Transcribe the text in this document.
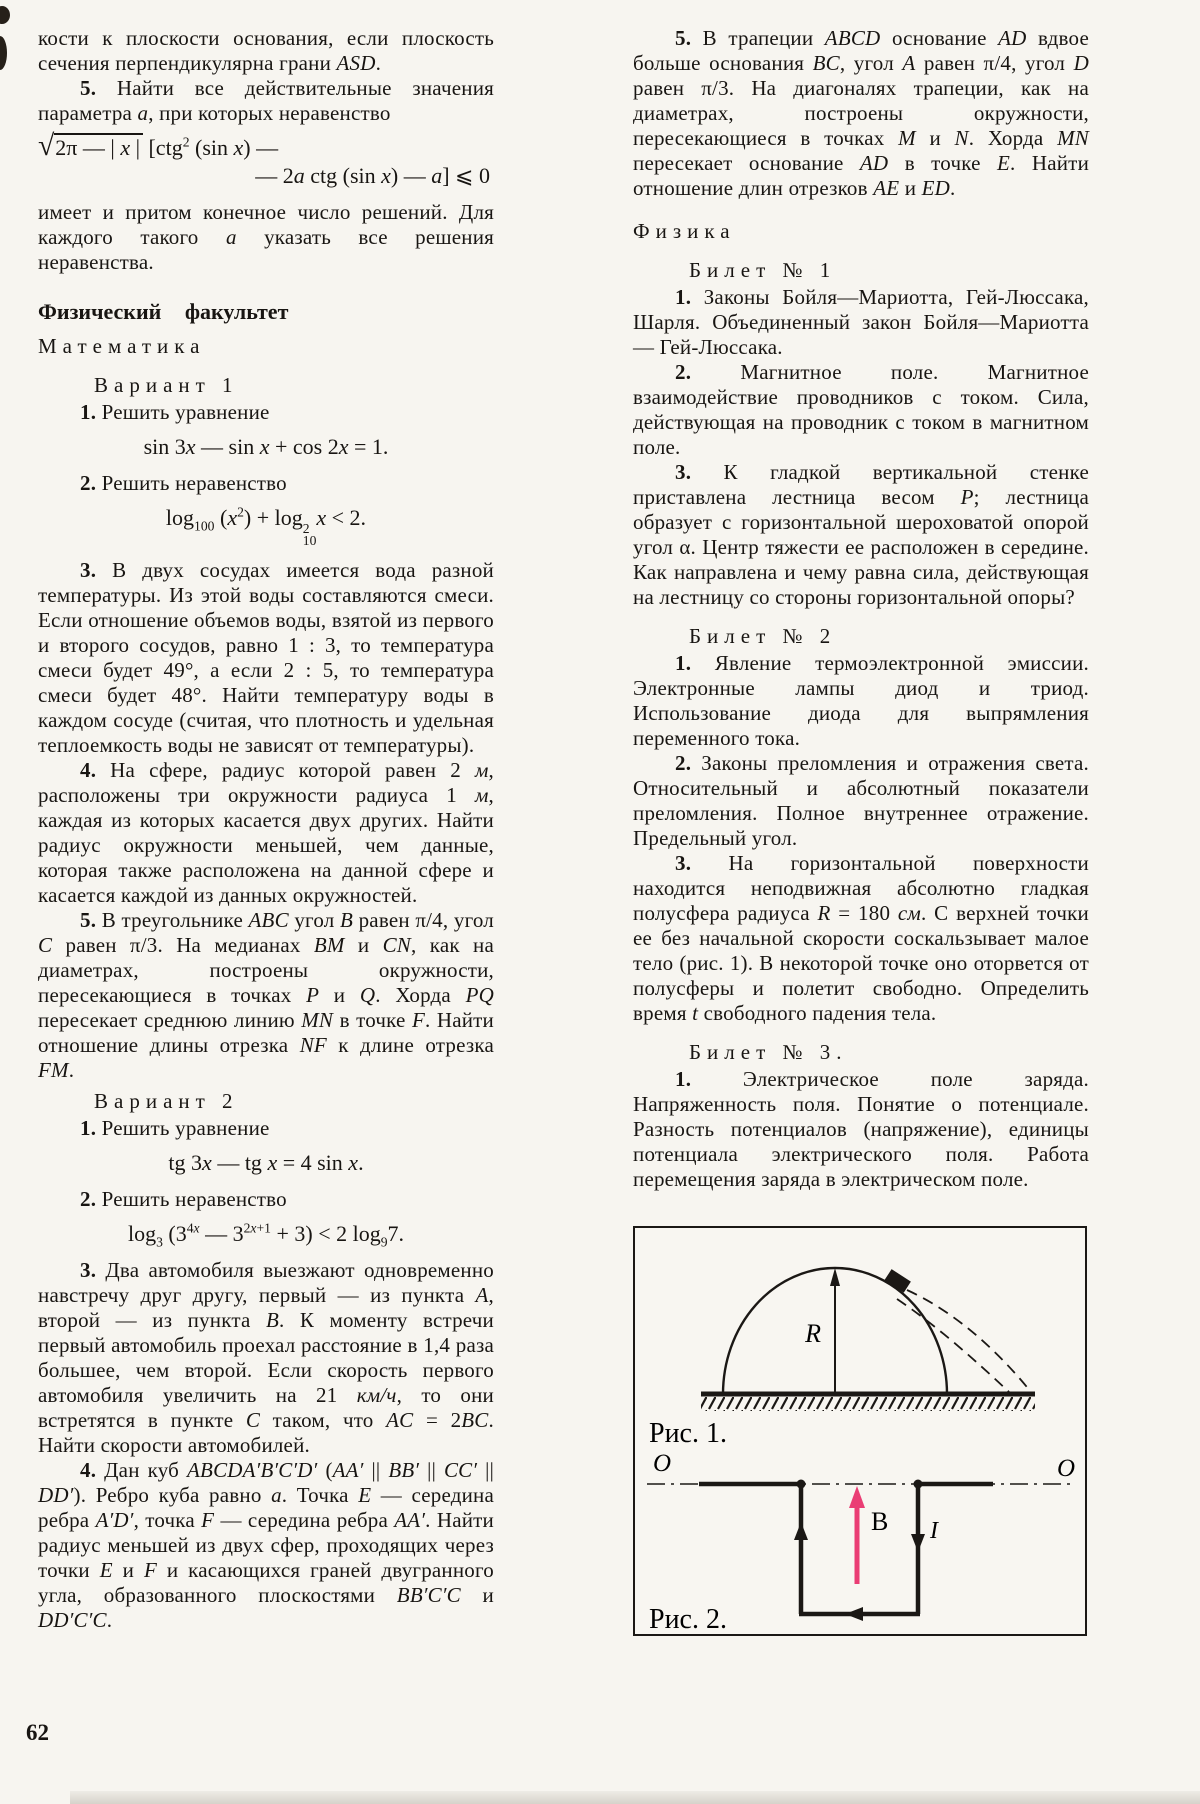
кости к плоскости основания, если плоскость сечения перпендикулярна грани ASD.

5. Найти все действительные значения параметра a, при которых неравенство

√2π — | x | [ctg$^2$ (sin x) —
— 2a ctg (sin x) — a] ⩽ 0

имеет и притом конечное число решений. Для каждого такого a указать все решения неравенства.

Физический факультет

Математика

Вариант 1

1. Решить уравнение

sin 3x — sin x + cos 2x = 1.

2. Решить неравенство

$\log_{100} (x^2) + \log 2$
10
x < 2.

3. В двух сосудах имеется вода разной температуры. Из этой воды составляются смеси. Если отношение объемов воды, взятой из первого и второго сосудов, равно 1 : 3, то температура смеси будет 49°, а если 2 : 5, то температура смеси будет 48°. Найти температуру воды в каждом сосуде (считая, что плотность и удельная теплоемкость воды не зависят от температуры).

4. На сфере, радиус которой равен 2 м, расположены три окружности радиуса 1 м, каждая из которых касается двух других. Найти радиус окружности меньшей, чем данные, которая также расположена на данной сфере и касается каждой из данных окружностей.

5. В треугольнике ABC угол B равен π/4, угол C равен π/3. На медианах BM и CN, как на диаметрах, построены окружности, пересекающиеся в точках P и Q. Хорда PQ пересекает среднюю линию MN в точке F. Найти отношение длины отрезка NF к длине отрезка FM.

Вариант 2

1. Решить уравнение

tg 3x — tg x = 4 sin x.

2. Решить неравенство

$\log_3 (3^{4x}$ — $3^{2x+1} + 3) < 2$ $\log_97$.

3. Два автомобиля выезжают одновременно навстречу друг другу, первый — из пункта A, второй — из пункта B. К моменту встречи первый автомобиль проехал расстояние в 1,4 раза большее, чем второй. Если скорость первого автомобиля увеличить на 21 км/ч, то они встретятся в пункте C таком, что AC = 2BC. Найти скорости автомобилей.

4. Дан куб ABCDA′B′C′D′ (AA′ || BB′ || CC′ || DD′). Ребро куба равно a. Точка E — середина ребра A′D′, точка F — середина ребра AA′. Найти радиус меньшей из двух сфер, проходящих через точки E и F и касающихся граней двугранного угла, образованного плоскостями BB′C′C и DD′C′C.

5. В трапеции ABCD основание AD вдвое больше основания BC, угол A равен π/4, угол D равен π/3. На диагоналях трапеции, как на диаметрах, построены окружности, пересекающиеся в точках M и N. Хорда MN пересекает основание AD в точке E. Найти отношение длин отрезков AE и ED.

Физика

Билет № 1

1. Законы Бойля—Мариотта, Гей-Люссака, Шарля. Объединенный закон Бойля—Мариотта — Гей-Люссака.

2. Магнитное поле. Магнитное взаимодействие проводников с током. Сила, действующая на проводник с током в магнитном поле.

3. К гладкой вертикальной стенке приставлена лестница весом P; лестница образует с горизонтальной шероховатой опорой угол α. Центр тяжести ее расположен в середине. Как направлена и чему равна сила, действующая на лестницу со стороны горизонтальной опоры?

Билет № 2

1. Явление термоэлектронной эмиссии. Электронные лампы диод и триод. Использование диода для выпрямления переменного тока.

2. Законы преломления и отражения света. Относительный и абсолютный показатели преломления. Полное внутреннее отражение. Предельный угол.

3. На горизонтальной поверхности находится неподвижная абсолютно гладкая полусфера радиуса R = 180 см. С верхней точки ее без начальной скорости соскальзывает малое тело (рис. 1). В некоторой точке оно оторвется от полусферы и полетит свободно. Определить время t свободного падения тела.

Билет № 3.

1. Электрическое поле заряда. Напряженность поля. Понятие о потенциале. Разность потенциалов (напряжение), единицы потенциала электрического поля. Работа перемещения заряда в электрическом поле.

R
Рис. 1.
O	O
I
B
Рис. 2.
62
